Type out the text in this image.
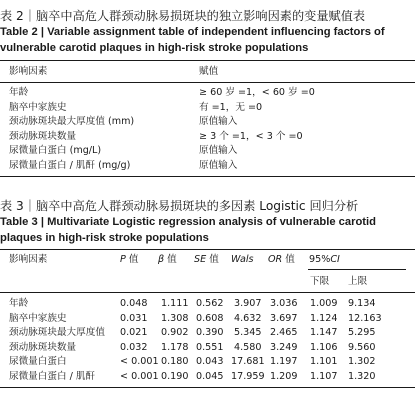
表 2｜脑卒中高危人群颈动脉易损斑块的独立影响因素的变量赋值表
Table 2 | Variable assignment table of independent influencing factors of
vulnerable carotid plaques in high-risk stroke populations
影响因素	赋值
年龄	≥ 60 岁 =1，< 60 岁 =0
脑卒中家族史	有 =1，无 =0
颈动脉斑块最大厚度值 (mm)	原值输入
颈动脉斑块数量	≥ 3 个 =1，< 3 个 =0
尿微量白蛋白 (mg/L)	原值输入
尿微量白蛋白 / 肌酐 (mg/g)	原值输入
表 3｜脑卒中高危人群颈动脉易损斑块的多因素 Logistic 回归分析
Table 3 | Multivariate Logistic regression analysis of vulnerable carotid
plaques in high-risk stroke populations
影响因素	P 值 β 值 SE 值 Wals OR 值 95%CI
下限 上限
年龄	0.048 1.111 0.562 3.907 3.036 1.009 9.134
脑卒中家族史	0.031 1.308 0.608 4.632 3.697 1.124 12.163
颈动脉斑块最大厚度值 0.021 0.902 0.390 5.345 2.465 1.147 5.295
颈动脉斑块数量	0.032 1.178 0.551 4.580 3.249 1.106 9.560
尿微量白蛋白	< 0.001 0.180 0.043 17.681 1.197 1.101 1.302
尿微量白蛋白 / 肌酐	< 0.001 0.190 0.045 17.959 1.209 1.107 1.320
